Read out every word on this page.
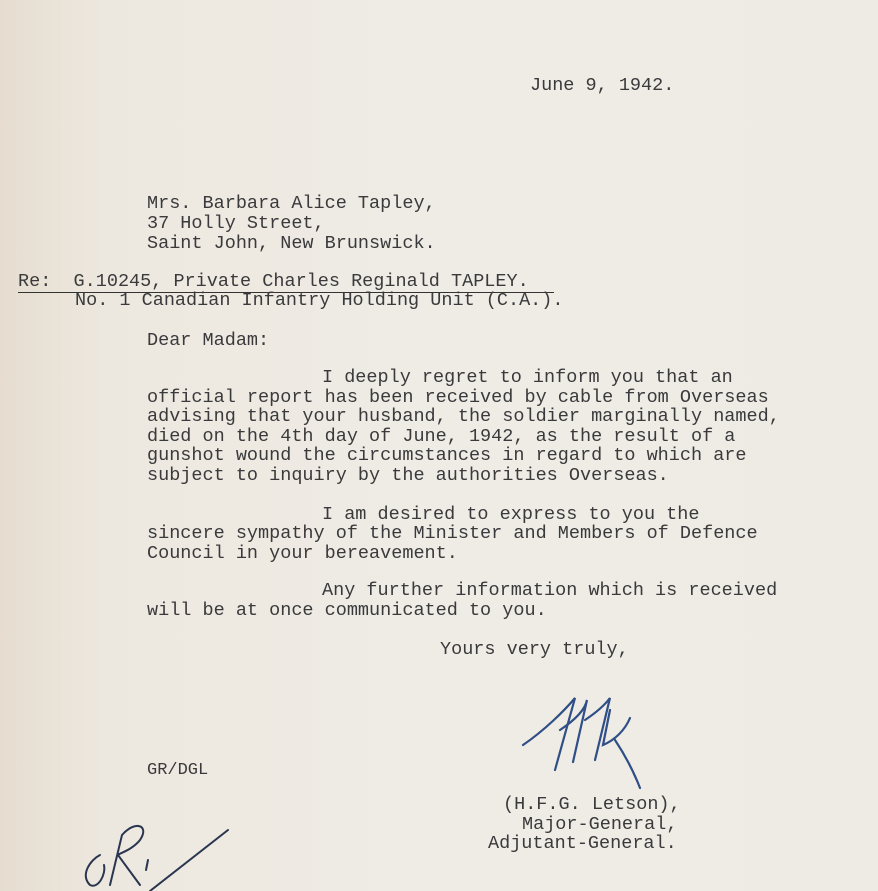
June 9, 1942.
Mrs. Barbara Alice Tapley,
37 Holly Street,
Saint John, New Brunswick.
Re: G.10245, Private Charles Reginald TAPLEY.
No. 1 Canadian Infantry Holding Unit (C.A.).
Dear Madam:
I deeply regret to inform you that an
official report has been received by cable from Overseas
advising that your husband, the soldier marginally named,
died on the 4th day of June, 1942, as the result of a
gunshot wound the circumstances in regard to which are
subject to inquiry by the authorities Overseas.
I am desired to express to you the
sincere sympathy of the Minister and Members of Defence
Council in your bereavement.
Any further information which is received
will be at once communicated to you.
Yours very truly,
GR/DGL
(H.F.G. Letson),
Major-General,
Adjutant-General.
